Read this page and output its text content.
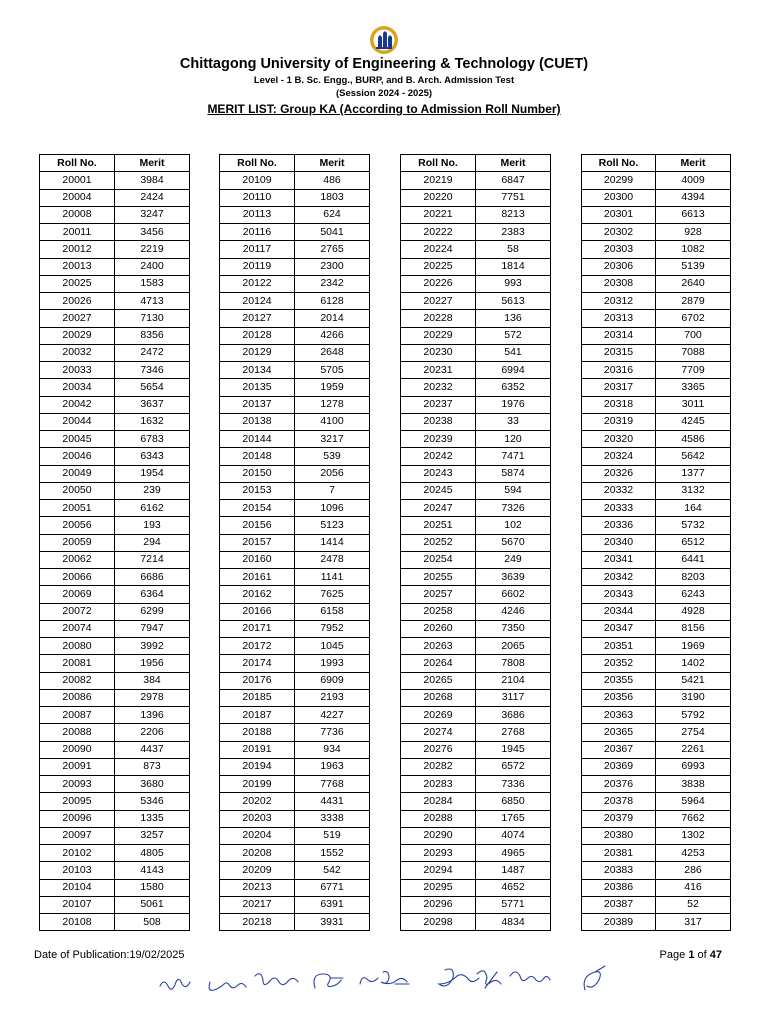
Chittagong University of Engineering & Technology (CUET)
Level - 1 B. Sc. Engg., BURP, and B. Arch. Admission Test
(Session 2024 - 2025)
MERIT LIST: Group KA (According to Admission Roll Number)
Roll No.	Merit
20001	3984
20004	2424
20008	3247
20011	3456
20012	2219
20013	2400
20025	1583
20026	4713
20027	7130
20029	8356
20032	2472
20033	7346
20034	5654
20042	3637
20044	1632
20045	6783
20046	6343
20049	1954
20050	239
20051	6162
20056	193
20059	294
20062	7214
20066	6686
20069	6364
20072	6299
20074	7947
20080	3992
20081	1956
20082	384
20086	2978
20087	1396
20088	2206
20090	4437
20091	873
20093	3680
20095	5346
20096	1335
20097	3257
20102	4805
20103	4143
20104	1580
20107	5061
20108	508
Roll No.	Merit
20109	486
20110	1803
20113	624
20116	5041
20117	2765
20119	2300
20122	2342
20124	6128
20127	2014
20128	4266
20129	2648
20134	5705
20135	1959
20137	1278
20138	4100
20144	3217
20148	539
20150	2056
20153	7
20154	1096
20156	5123
20157	1414
20160	2478
20161	1141
20162	7625
20166	6158
20171	7952
20172	1045
20174	1993
20176	6909
20185	2193
20187	4227
20188	7736
20191	934
20194	1963
20199	7768
20202	4431
20203	3338
20204	519
20208	1552
20209	542
20213	6771
20217	6391
20218	3931
Roll No.	Merit
20219	6847
20220	7751
20221	8213
20222	2383
20224	58
20225	1814
20226	993
20227	5613
20228	136
20229	572
20230	541
20231	6994
20232	6352
20237	1976
20238	33
20239	120
20242	7471
20243	5874
20245	594
20247	7326
20251	102
20252	5670
20254	249
20255	3639
20257	6602
20258	4246
20260	7350
20263	2065
20264	7808
20265	2104
20268	3117
20269	3686
20274	2768
20276	1945
20282	6572
20283	7336
20284	6850
20288	1765
20290	4074
20293	4965
20294	1487
20295	4652
20296	5771
20298	4834
Roll No.	Merit
20299	4009
20300	4394
20301	6613
20302	928
20303	1082
20306	5139
20308	2640
20312	2879
20313	6702
20314	700
20315	7088
20316	7709
20317	3365
20318	3011
20319	4245
20320	4586
20324	5642
20326	1377
20332	3132
20333	164
20336	5732
20340	6512
20341	6441
20342	8203
20343	6243
20344	4928
20347	8156
20351	1969
20352	1402
20355	5421
20356	3190
20363	5792
20365	2754
20367	2261
20369	6993
20376	3838
20378	5964
20379	7662
20380	1302
20381	4253
20383	286
20386	416
20387	52
20389	317
Date of Publication:19/02/2025	Page 1 of 47
